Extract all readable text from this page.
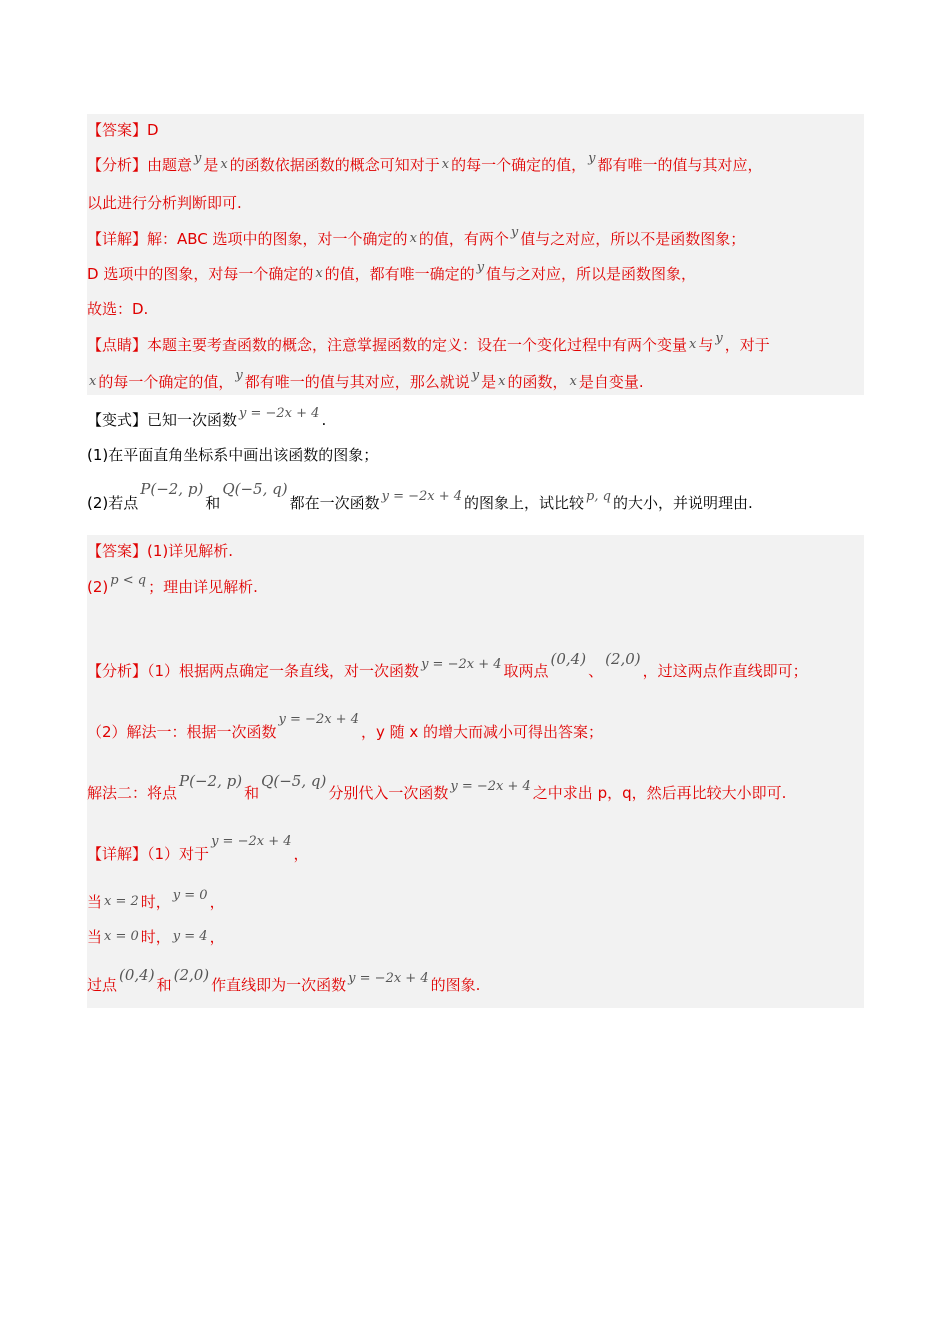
【答案】D
【分析】由题意 y 是 x 的函数依据函数的概念可知对于 x 的每一个确定的值， y 都有唯一的值与其对应，
以此进行分析判断即可.
【详解】解：ABC 选项中的图象，对一个确定的 x 的值，有两个 y 值与之对应，所以不是函数图象；
D 选项中的图象，对每一个确定的 x 的值，都有唯一确定的 y 值与之对应，所以是函数图象，
故选：D.
【点睛】本题主要考查函数的概念，注意掌握函数的定义：设在一个变化过程中有两个变量 x 与 y ，对于
x 的每一个确定的值， y 都有唯一的值与其对应，那么就说 y 是 x 的函数， x 是自变量.
【变式】已知一次函数 y = −2x + 4 .
(1)在平面直角坐标系中画出该函数的图象；
(2)若点P(−2, p)和Q(−5, q)都在一次函数 y = −2x + 4 的图象上，试比较 p, q 的大小，并说明理由.
【答案】(1)详见解析.
(2) p < q ；理由详见解析.
【分析】（1）根据两点确定一条直线，对一次函数 y = −2x + 4 取两点(0,4)、(2,0)，过这两点作直线即可；
（2）解法一：根据一次函数y = −2x + 4，y 随 x 的增大而减小可得出答案；
解法二：将点P(−2, p)和Q(−5, q)分别代入一次函数 y = −2x + 4 之中求出 p，q，然后再比较大小即可.
【详解】（1）对于y = −2x + 4，
当 x = 2 时， y = 0 ，
当 x = 0 时， y = 4 ，
过点(0,4)和(2,0)作直线即为一次函数 y = −2x + 4 的图象.
